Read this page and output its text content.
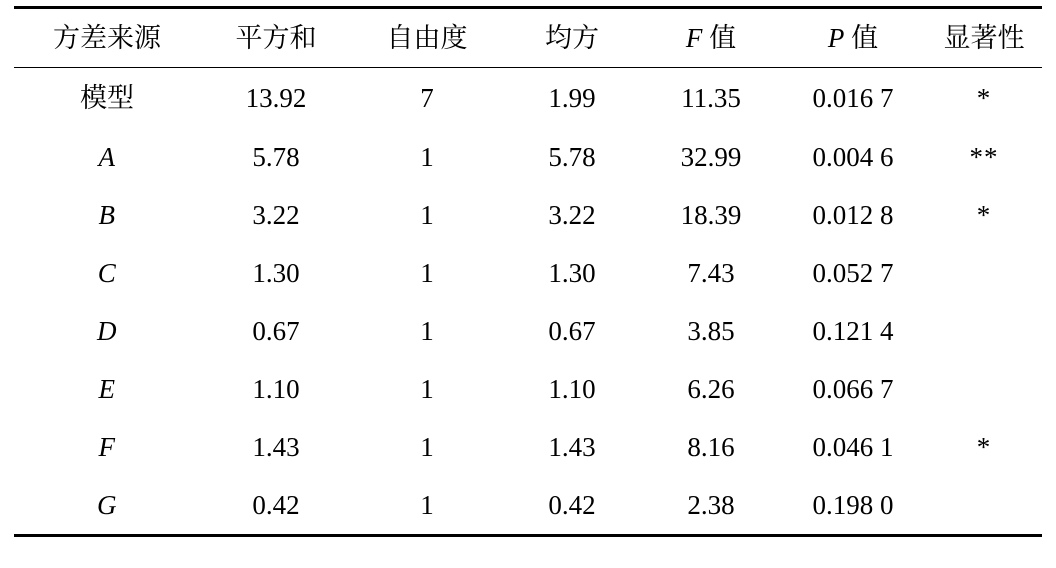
方差来源	平方和	自由度	均方	F 值	P 值	显著性
模型	13.92	7	1.99	11.35	0.016 7	*
A	5.78	1	5.78	32.99	0.004 6	**
B	3.22	1	3.22	18.39	0.012 8	*
C	1.30	1	1.30	7.43	0.052 7	
D	0.67	1	0.67	3.85	0.121 4	
E	1.10	1	1.10	6.26	0.066 7	
F	1.43	1	1.43	8.16	0.046 1	*
G	0.42	1	0.42	2.38	0.198 0	
